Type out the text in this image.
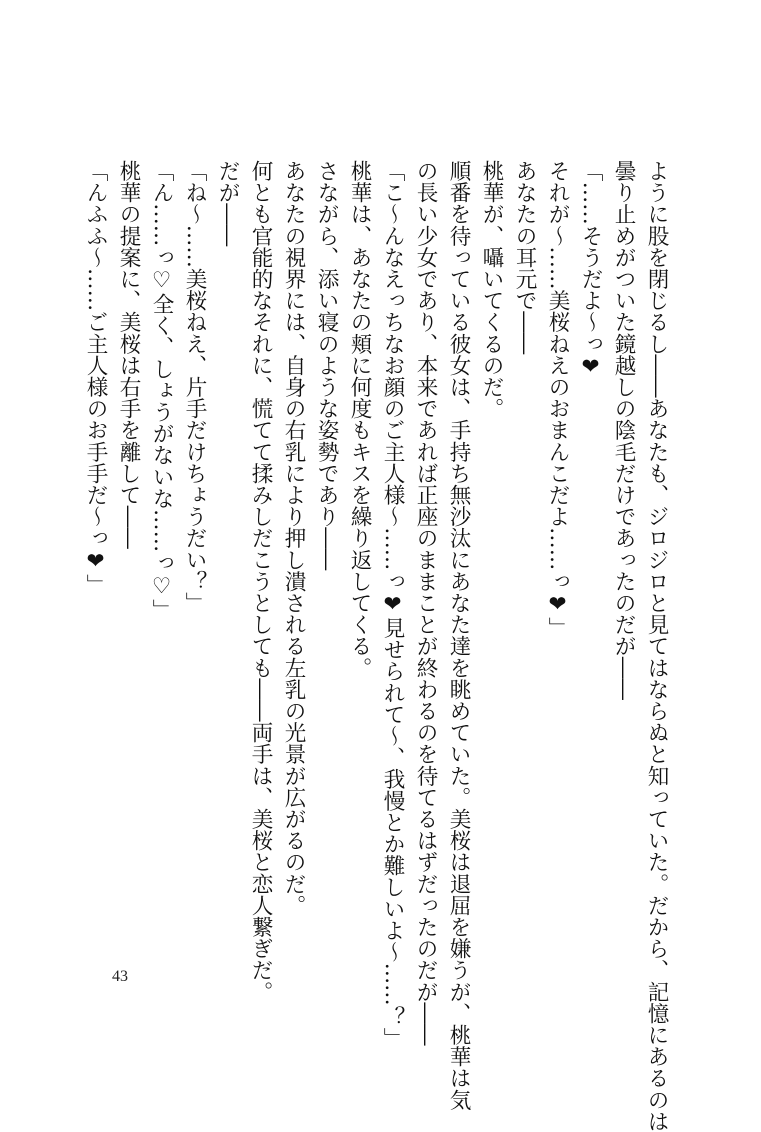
ように股を閉じるし――あなたも、ジロジロと見てはならぬと知っていた。だから、記憶にあるのは

曇り止めがついた鏡越しの陰毛だけであったのだが――

「……そうだよ〜っ❤

それが〜……美桜ねえのおまんこだよ……っ❤」

あなたの耳元で――

桃華が、囁いてくるのだ。

順番を待っている彼女は、手持ち無沙汰にあなた達を眺めていた。美桜は退屈を嫌うが、桃華は気

の長い少女であり、本来であれば正座のままことが終わるのを待てるはずだったのだが――

「こ〜んなえっちなお顔のご主人様〜……っ❤見せられて〜、我慢とか難しいよ〜……？」

桃華は、あなたの頬に何度もキスを繰り返してくる。

さながら、添い寝のような姿勢であり――

あなたの視界には、自身の右乳により押し潰される左乳の光景が広がるのだ。

何とも官能的なそれに、慌てて揉みしだこうとしても――両手は、美桜と恋人繋ぎだ。

だが――

「ね〜……美桜ねえ、片手だけちょうだい？」

「ん……っ♡全く、しょうがないな……っ♡」

桃華の提案に、美桜は右手を離して――

「んふふ〜……ご主人様のお手手だ〜っ❤」

43
